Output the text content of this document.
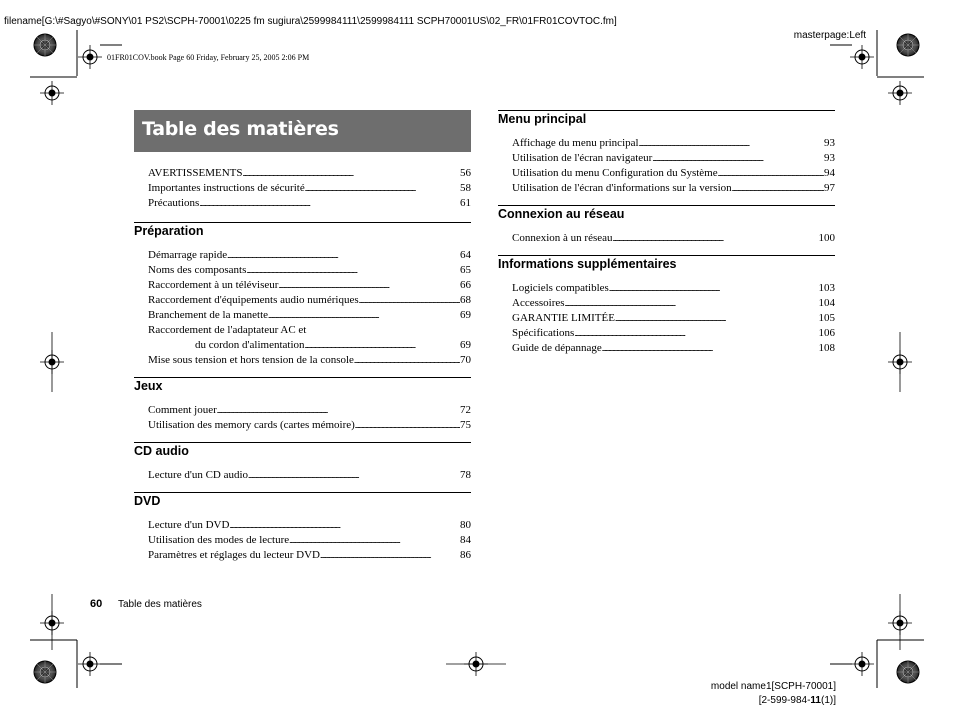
filename[G:\#Sagyo\#SONY\01 PS2\SCPH-70001\0225 fm sugiura\2599984111\2599984111 SCPH70001US\02_FR\01FR01COVTOC.fm]
masterpage:Left
01FR01COV.book Page 60 Friday, February 25, 2005 2:06 PM
Table des matières
AVERTISSEMENTS . . .	56
Importantes instructions de sécurité . . .	58
Précautions . . .	61
Préparation
Démarrage rapide . . .	64
Noms des composants . . .	65
Raccordement à un téléviseur . . .	66
Raccordement d'équipements audio numériques . . .	68
Branchement de la manette . . .	69
Raccordement de l'adaptateur AC et
du cordon d'alimentation . . .	69
Mise sous tension et hors tension de la console . . .	70
Jeux
Comment jouer . . .	72
Utilisation des memory cards (cartes mémoire) . . .	75
CD audio
Lecture d'un CD audio . . .	78
DVD
Lecture d'un DVD . . .	80
Utilisation des modes de lecture . . .	84
Paramètres et réglages du lecteur DVD . . .	86
Menu principal
Affichage du menu principal . . .	93
Utilisation de l'écran navigateur . . .	93
Utilisation du menu Configuration du Système . . .	94
Utilisation de l'écran d'informations sur la version . . .	97
Connexion au réseau
Connexion à un réseau . . .	100
Informations supplémentaires
Logiciels compatibles . . .	103
Accessoires . . .	104
GARANTIE LIMITÉE . . .	105
Spécifications . . .	106
Guide de dépannage . . .	108
60 Table des matières
model name1[SCPH-70001]
[2-599-984-11(1)]
